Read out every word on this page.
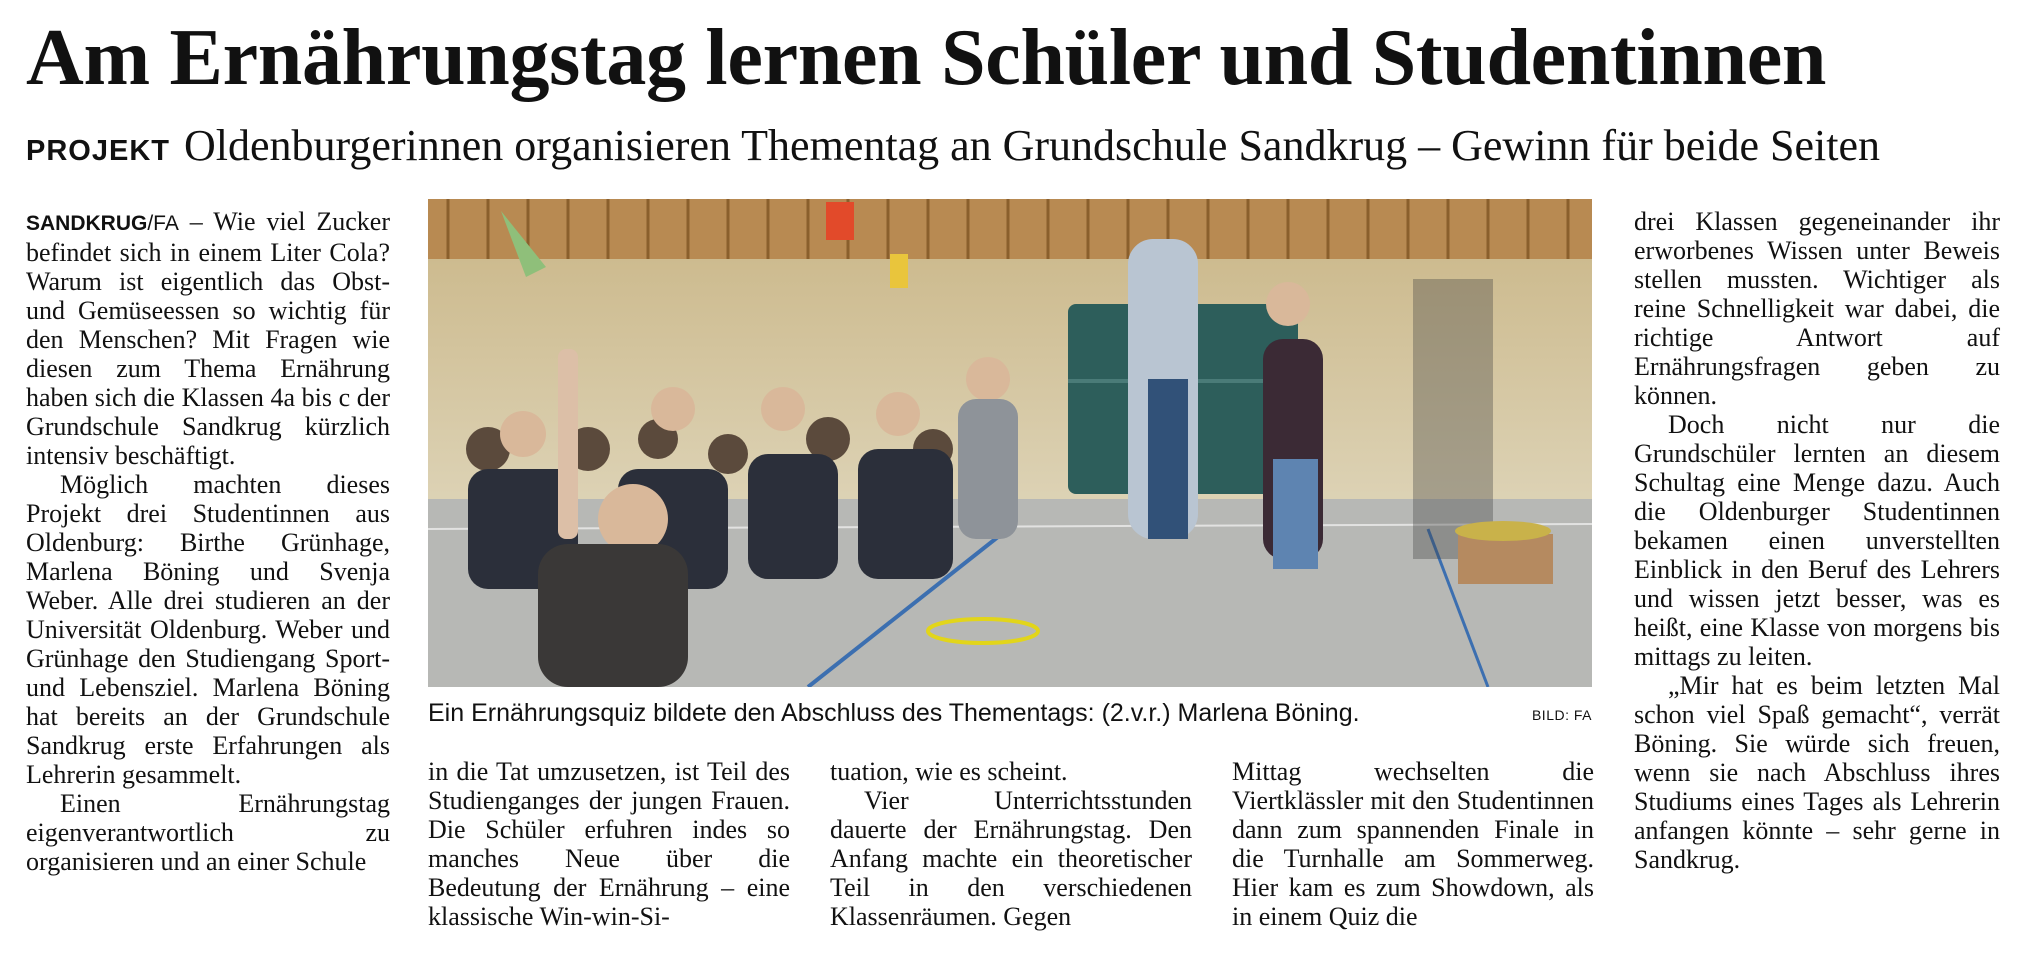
Am Ernährungstag lernen Schüler und Studentinnen
PROJEKT Oldenburgerinnen organisieren Thementag an Grundschule Sandkrug – Gewinn für beide Seiten

SANDKRUG/FA – Wie viel Zucker befindet sich in einem Liter Cola? Warum ist eigentlich das Obst- und Gemüseessen so wichtig für den Menschen? Mit Fragen wie diesen zum Thema Ernährung haben sich die Klassen 4a bis c der Grundschule Sandkrug kürzlich intensiv beschäftigt.

Möglich machten dieses Projekt drei Studentinnen aus Oldenburg: Birthe Grünhage, Marlena Böning und Svenja Weber. Alle drei studieren an der Universität Oldenburg. Weber und Grünhage den Studiengang Sport- und Lebensziel. Marlena Böning hat bereits an der Grundschule Sandkrug erste Erfahrungen als Lehrerin gesammelt.

Einen Ernährungstag eigenverantwortlich zu organisieren und an einer Schule

Ein Ernährungsquiz bildete den Abschluss des Thementags: (2.v.r.) Marlena Böning.	BILD: FA

in die Tat umzusetzen, ist Teil des Studienganges der jungen Frauen. Die Schüler erfuhren indes so manches Neue über die Bedeutung der Ernährung – eine klassische Win-win-Si-

tuation, wie es scheint.

Vier Unterrichtsstunden dauerte der Ernährungstag. Den Anfang machte ein theoretischer Teil in den verschiedenen Klassenräumen. Gegen

Mittag wechselten die Viertklässler mit den Studentinnen dann zum spannenden Finale in die Turnhalle am Sommerweg. Hier kam es zum Showdown, als in einem Quiz die

drei Klassen gegeneinander ihr erworbenes Wissen unter Beweis stellen mussten. Wichtiger als reine Schnelligkeit war dabei, die richtige Antwort auf Ernährungsfragen geben zu können.

Doch nicht nur die Grundschüler lernten an diesem Schultag eine Menge dazu. Auch die Oldenburger Studentinnen bekamen einen unverstellten Einblick in den Beruf des Lehrers und wissen jetzt besser, was es heißt, eine Klasse von morgens bis mittags zu leiten.

„Mir hat es beim letzten Mal schon viel Spaß gemacht“, verrät Böning. Sie würde sich freuen, wenn sie nach Abschluss ihres Studiums eines Tages als Lehrerin anfangen könnte – sehr gerne in Sandkrug.
